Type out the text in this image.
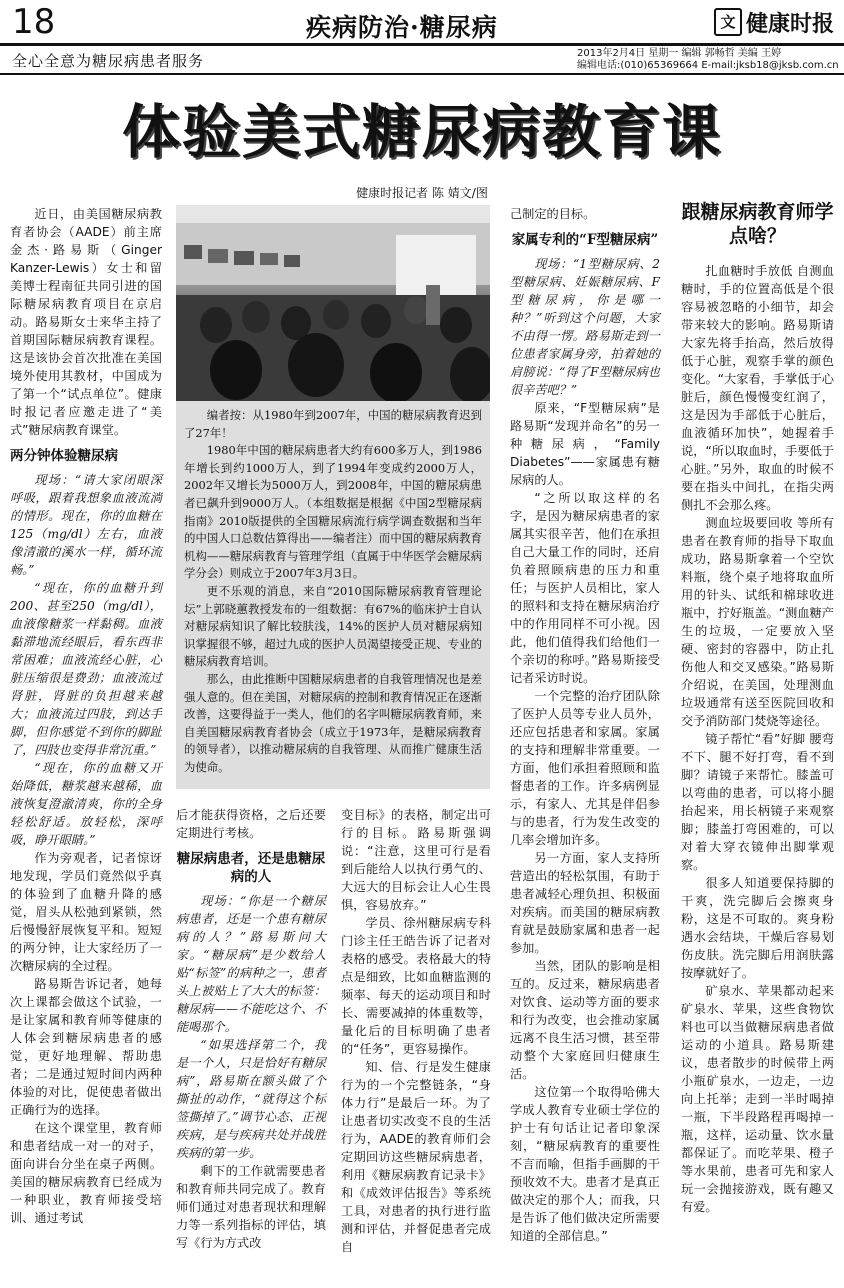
18	疾病防治·糖尿病	文 健康时报
全心全意为糖尿病患者服务	2013年2月4日 星期一 编辑 郭畅哲 美编 王婷
编辑电话:(010)65369664 E-mail:jksb18@jksb.com.cn
体验美式糖尿病教育课
健康时报记者 陈 婧文/图

近日，由美国糖尿病教育者协会（AADE）前主席金杰·路易斯（Ginger Kanzer-Lewis）女士和留美博士程南征共同引进的国际糖尿病教育项目在京启动。路易斯女士来华主持了首期国际糖尿病教育课程。这是该协会首次批准在美国境外使用其教材，中国成为了第一个“试点单位”。健康时报记者应邀走进了“美式”糖尿病教育课堂。

两分钟体验糖尿病

现场：“请大家闭眼深呼吸，跟着我想象血液流淌的情形。现在，你的血糖在125（mg/dl）左右，血液像清澈的溪水一样，循环流畅。”

“现在，你的血糖升到200、甚至250（mg/dl），血液像糖浆一样黏稠。血液黏滞地流经眼后，看东西非常困难；血液流经心脏，心脏压缩很是费劲；血液流过肾脏，肾脏的负担越来越大；血液流过四肢，到达手脚，但你感觉不到你的脚趾了，四肢也变得非常沉重。”

“现在，你的血糖又开始降低，糖浆越来越稀，血液恢复澄澈清爽，你的全身轻松舒适。放轻松，深呼吸，睁开眼睛。”

作为旁观者，记者惊讶地发现，学员们竟然似乎真的体验到了血糖升降的感觉，眉头从松弛到紧锁，然后慢慢舒展恢复平和。短短的两分钟，让大家经历了一次糖尿病的全过程。

路易斯告诉记者，她每次上课都会做这个试验，一是让家属和教育师等健康的人体会到糖尿病患者的感觉，更好地理解、帮助患者；二是通过短时间内两种体验的对比，促使患者做出正确行为的选择。

在这个课堂里，教育师和患者结成一对一的对子，面向讲台分坐在桌子两侧。美国的糖尿病教育已经成为一种职业，教育师接受培训、通过考试

编者按：从1980年到2007年，中国的糖尿病教育迟到了27年！

1980年中国的糖尿病患者大约有600多万人，到1986年增长到约1000万人，到了1994年变成约2000万人，2002年又增长为5000万人，到2008年，中国的糖尿病患者已飙升到9000万人。（本组数据是根据《中国2型糖尿病指南》2010版提供的全国糖尿病流行病学调查数据和当年的中国人口总数估算得出——编者注）而中国的糖尿病教育机构——糖尿病教育与管理学组（直属于中华医学会糖尿病学分会）则成立于2007年3月3日。

更不乐观的消息，来自“2010国际糖尿病教育管理论坛”上郭晓蕙教授发布的一组数据：有67%的临床护士自认对糖尿病知识了解比较肤浅，14%的医护人员对糖尿病知识掌握很不够，超过九成的医护人员渴望接受正规、专业的糖尿病教育培训。

那么，由此推断中国糖尿病患者的自我管理情况也是差强人意的。但在美国，对糖尿病的控制和教育情况正在逐渐改善，这要得益于一类人，他们的名字叫糖尿病教育师，来自美国糖尿病教育者协会（成立于1973年，是糖尿病教育的领导者），以推动糖尿病的自我管理、从而推广健康生活为使命。

后才能获得资格，之后还要定期进行考核。

糖尿病患者，还是患糖尿病的人

现场：“你是一个糖尿病患者，还是一个患有糖尿病的人？”路易斯问大家。“糖尿病”是少数给人贴“标签”的病种之一，患者头上被贴上了大大的标签：糖尿病——不能吃这个、不能喝那个。

“如果选择第二个，我是一个人，只是恰好有糖尿病”，路易斯在额头做了个撕扯的动作，“就得这个标签撕掉了。”调节心态、正视疾病，是与疾病共处并战胜疾病的第一步。

剩下的工作就需要患者和教育师共同完成了。教育师们通过对患者现状和理解力等一系列指标的评估，填写《行为方式改

变目标》的表格，制定出可行的目标。路易斯强调说：“注意，这里可行是看到后能给人以执行勇气的、大远大的目标会让人心生畏惧，容易放弃。”

学员、徐州糖尿病专科门诊主任王皓告诉了记者对表格的感受。表格最大的特点是细致，比如血糖监测的频率、每天的运动项目和时长、需要减掉的体重数等，量化后的目标明确了患者的“任务”，更容易操作。

知、信、行是发生健康行为的一个完整链条，“身体力行”是最后一环。为了让患者切实改变不良的生活行为，AADE的教育师们会定期回访这些糖尿病患者，利用《糖尿病教育记录卡》和《成效评估报告》等系统工具，对患者的执行进行监测和评估，并督促患者完成自

己制定的目标。

家属专利的“F型糖尿病”

现场：“1型糖尿病、2型糖尿病、妊娠糖尿病、F型糖尿病，你是哪一种？”听到这个问题，大家不由得一愣。路易斯走到一位患者家属身旁，拍着她的肩膀说：“得了F型糖尿病也很辛苦吧？”

原来，“F型糖尿病”是路易斯“发现并命名”的另一种糖尿病，“Family Diabetes”——家属患有糖尿病的人。

“之所以取这样的名字，是因为糖尿病患者的家属其实很辛苦，他们在承担自己大量工作的同时，还肩负着照顾病患的压力和重任；与医护人员相比，家人的照料和支持在糖尿病治疗中的作用同样不可小视。因此，他们值得我们给他们一个亲切的称呼。”路易斯接受记者采访时说。

一个完整的治疗团队除了医护人员等专业人员外，还应包括患者和家属。家属的支持和理解非常重要。一方面，他们承担着照顾和监督患者的工作。许多病例显示，有家人、尤其是伴侣参与的患者，行为发生改变的几率会增加许多。

另一方面，家人支持所营造出的轻松氛围，有助于患者减轻心理负担、积极面对疾病。而美国的糖尿病教育就是鼓励家属和患者一起参加。

当然，团队的影响是相互的。反过来，糖尿病患者对饮食、运动等方面的要求和行为改变，也会推动家属远离不良生活习惯，甚至带动整个大家庭回归健康生活。

这位第一个取得哈佛大学成人教育专业硕士学位的护士有句话让记者印象深刻，“糖尿病教育的重要性不言而喻，但指手画脚的干预收效不大。患者才是真正做决定的那个人；而我，只是告诉了他们做决定所需要知道的全部信息。”

跟糖尿病教育师学点啥？

扎血糖时手放低 自测血糖时，手的位置高低是个很容易被忽略的小细节，却会带来较大的影响。路易斯请大家先将手抬高，然后放得低于心脏，观察手掌的颜色变化。“大家看，手掌低于心脏后，颜色慢慢变红润了，这是因为手部低于心脏后，血液循环加快”，她握着手说，“所以取血时，手要低于心脏。”另外，取血的时候不要在指头中间扎，在指尖两侧扎不会那么疼。

测血垃圾要回收 等所有患者在教育师的指导下取血成功，路易斯拿着一个空饮料瓶，绕个桌子地将取血所用的针头、试纸和棉球收进瓶中，拧好瓶盖。“测血糖产生的垃圾，一定要放入坚硬、密封的容器中，防止扎伤他人和交叉感染。”路易斯介绍说，在美国，处理测血垃圾通常有送至医院回收和交予消防部门焚烧等途径。

镜子帮忙“看”好脚 腰弯不下、腿不好打弯，看不到脚？请镜子来帮忙。膝盖可以弯曲的患者，可以将小腿抬起来，用长柄镜子来观察脚；膝盖打弯困难的，可以对着大穿衣镜伸出脚掌观察。

很多人知道要保持脚的干爽，洗完脚后会擦爽身粉，这是不可取的。爽身粉遇水会结块，干燥后容易划伤皮肤。洗完脚后用润肤露按摩就好了。

矿泉水、苹果都动起来 矿泉水、苹果，这些食物饮料也可以当做糖尿病患者做运动的小道具。路易斯建议，患者散步的时候带上两小瓶矿泉水，一边走，一边向上托举；走到一半时喝掉一瓶，下半段路程再喝掉一瓶，这样，运动量、饮水量都保证了。而吃苹果、橙子等水果前，患者可先和家人玩一会抛接游戏，既有趣又有爱。
